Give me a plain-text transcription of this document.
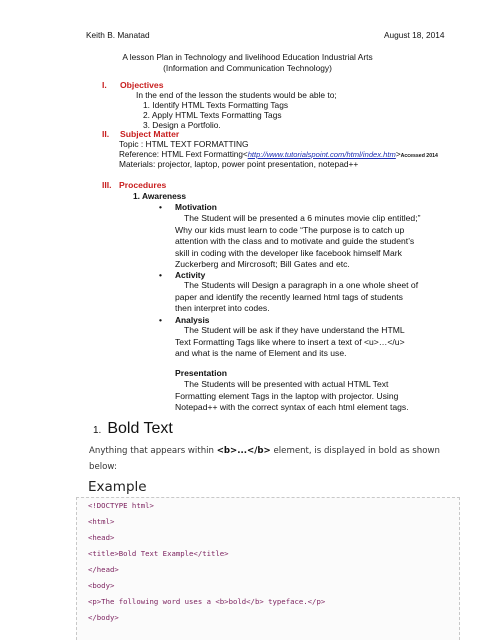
Keith B. Manatad	August 18, 2014
A lesson Plan in Technology and livelihood Education Industrial Arts
(Information and Communication Technology)
I. Objectives
In the end of the lesson the students would be able to;
1. Identify HTML Texts Formatting Tags
2. Apply HTML Texts Formatting Tags
3. Design a Portfolio.
II. Subject Matter
Topic : HTML TEXT FORMATTING
Reference: HTML Fext Formatting<http://www.tutorialspoint.com/html/index.htm>Accessed 2014
Materials: projector, laptop, power point presentation, notepad++
III. Procedures
1. Awareness
• Motivation
The Student will be presented a 6 minutes movie clip entitled;”
Why our kids must learn to code “The purpose is to catch up
attention with the class and to motivate and guide the student’s
skill in coding with the developer like facebook himself Mark
Zuckerberg and Mircrosoft; Bill Gates and etc.
• Activity
The Students will Design a paragraph in a one whole sheet of
paper and identify the recently learned html tags of students
then interpret into codes.
• Analysis
The Student will be ask if they have understand the HTML
Text Formatting Tags like where to insert a text of <u>…</u>
and what is the name of Element and its use.
Presentation
The Students will be presented with actual HTML Text
Formatting element Tags in the laptop with projector. Using
Notepad++ with the correct syntax of each html element tags.
1. Bold Text
Anything that appears within <b>...</b> element, is displayed in bold as shown
below:
Example
<!DOCTYPE html>
<html>
<head>
<title>Bold Text Example</title>
</head>
<body>
<p>The following word uses a <b>bold</b> typeface.</p>
</body>
